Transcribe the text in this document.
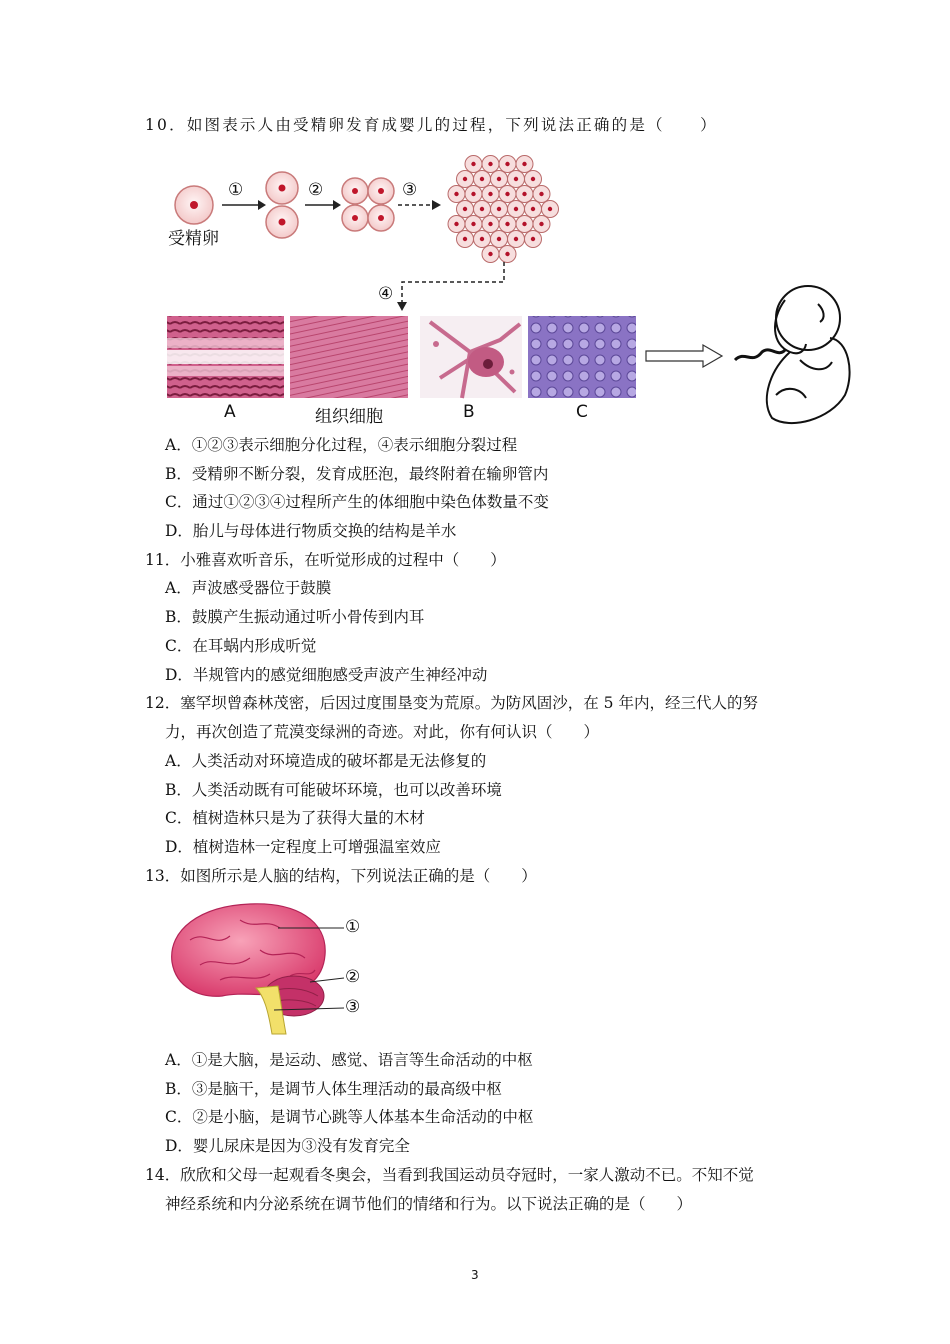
10．如图表示人由受精卵发育成婴儿的过程，下列说法正确的是（　　）
受精卵
①	②	③
④
A	组织细胞	B	C
A．①②③表示细胞分化过程，④表示细胞分裂过程
B．受精卵不断分裂，发育成胚泡，最终附着在输卵管内
C．通过①②③④过程所产生的体细胞中染色体数量不变
D．胎儿与母体进行物质交换的结构是羊水
11．小雅喜欢听音乐，在听觉形成的过程中（　　）
A．声波感受器位于鼓膜
B．鼓膜产生振动通过听小骨传到内耳
C．在耳蜗内形成听觉
D．半规管内的感觉细胞感受声波产生神经冲动
12．塞罕坝曾森林茂密，后因过度围垦变为荒原。为防风固沙，在 5 年内，经三代人的努
力，再次创造了荒漠变绿洲的奇迹。对此，你有何认识（　　）
A．人类活动对环境造成的破坏都是无法修复的
B．人类活动既有可能破坏环境，也可以改善环境
C．植树造林只是为了获得大量的木材
D．植树造林一定程度上可增强温室效应
13．如图所示是人脑的结构，下列说法正确的是（　　）
①
②
③
A．①是大脑，是运动、感觉、语言等生命活动的中枢
B．③是脑干，是调节人体生理活动的最高级中枢
C．②是小脑，是调节心跳等人体基本生命活动的中枢
D．婴儿尿床是因为③没有发育完全
14．欣欣和父母一起观看冬奥会，当看到我国运动员夺冠时，一家人激动不已。不知不觉
神经系统和内分泌系统在调节他们的情绪和行为。以下说法正确的是（　　）
3
